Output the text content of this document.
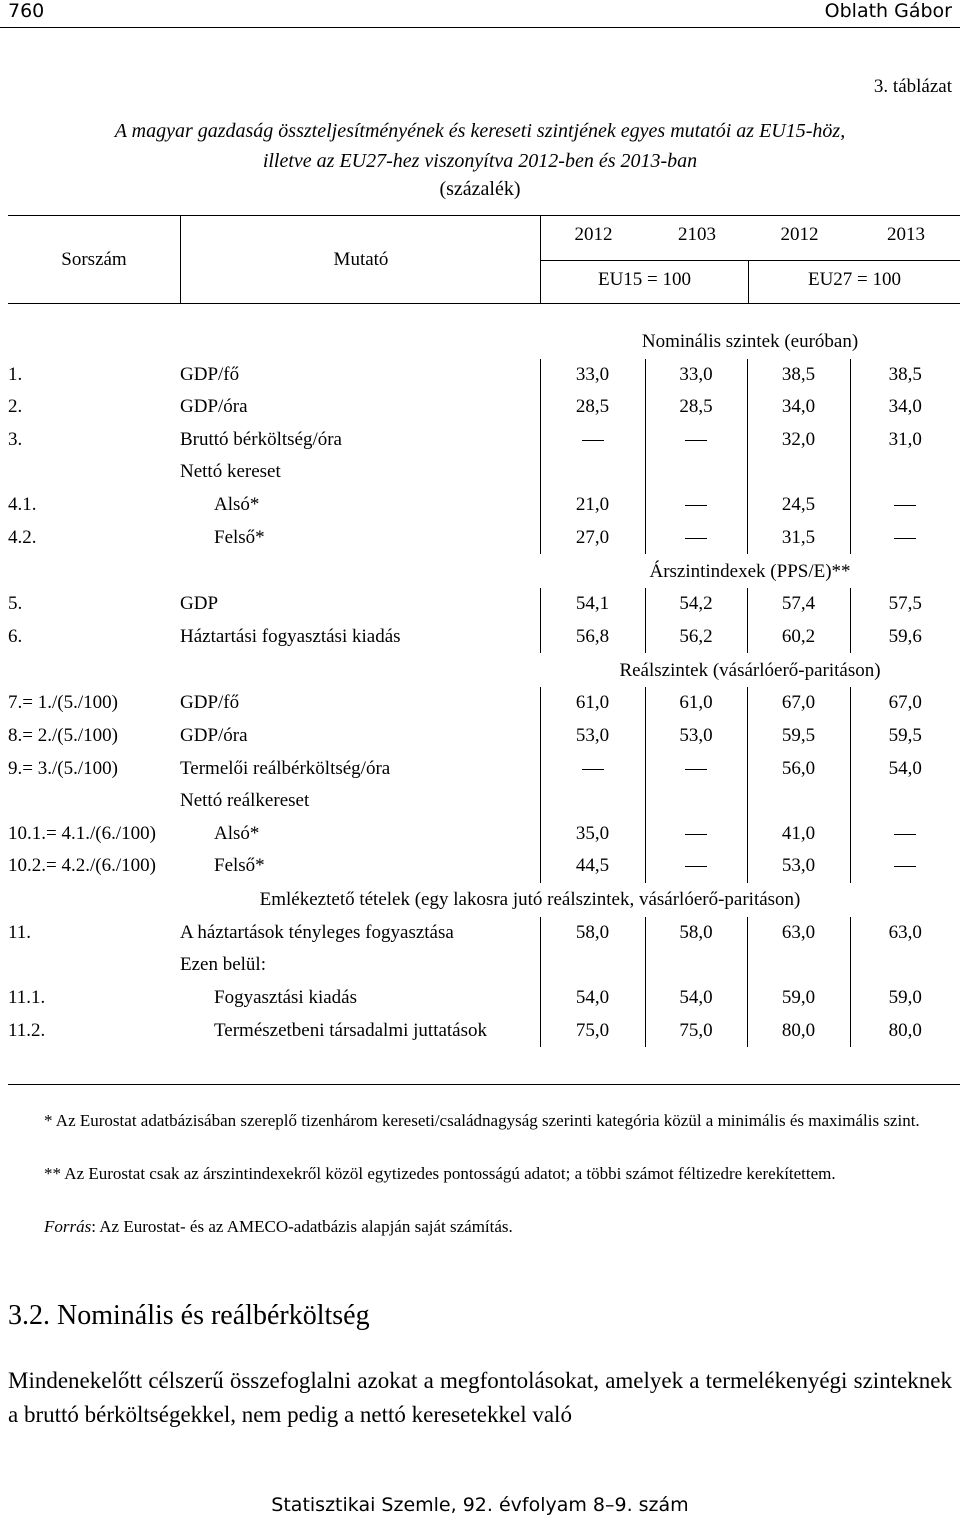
760	Oblath Gábor
3. táblázat
A magyar gazdaság összteljesítményének és kereseti szintjének egyes mutatói az EU15-höz,
illetve az EU27-hez viszonyítva 2012-ben és 2013-ban
(százalék)
Sorszám	Mutató
2012	2103	2012	2013
EU15 = 100	EU27 = 100
		Nominális szintek (euróban)			
1.	GDP/fő	33,0	33,0	38,5	38,5
2.	GDP/óra	28,5	28,5	34,0	34,0
3.	Bruttó bérköltség/óra			32,0	31,0
	Nettó kereset				
4.1.	Alsó*	21,0		24,5	
4.2.	Felső*	27,0		31,5	

		Árszintindexek (PPS/E)**			
5.	GDP	54,1	54,2	57,4	57,5
6.	Háztartási fogyasztási kiadás	56,8	56,2	60,2	59,6

		Reálszintek (vásárlóerő-paritáson)			
7.= 1./(5./100)	GDP/fő	61,0	61,0	67,0	67,0
8.= 2./(5./100)	GDP/óra	53,0	53,0	59,5	59,5
9.= 3./(5./100)	Termelői reálbérköltség/óra			56,0	54,0
	Nettó reálkereset				
10.1.= 4.1./(6./100)	Alsó*	35,0		41,0	
10.2.= 4.2./(6./100)	Felső*	44,5		53,0	

	Emlékeztető tételek (egy lakosra jutó reálszintek, vásárlóerő-paritáson)				
11.	A háztartások tényleges fogyasztása	58,0	58,0	63,0	63,0
	Ezen belül:				
11.1.	Fogyasztási kiadás	54,0	54,0	59,0	59,0
11.2.	Természetbeni társadalmi juttatások	75,0	75,0	80,0	80,0
* Az Eurostat adatbázisában szereplő tizenhárom kereseti/családnagyság szerinti kategória közül a minimális és maximális szint.
** Az Eurostat csak az árszintindexekről közöl egytizedes pontosságú adatot; a többi számot féltizedre kerekítettem.
Forrás: Az Eurostat- és az AMECO-adatbázis alapján saját számítás.
3.2. Nominális és reálbérköltség
Mindenekelőtt célszerű összefoglalni azokat a megfontolásokat, amelyek a termelékenyégi szinteknek a bruttó bérköltségekkel, nem pedig a nettó keresetekkel való
Statisztikai Szemle, 92. évfolyam 8–9. szám
